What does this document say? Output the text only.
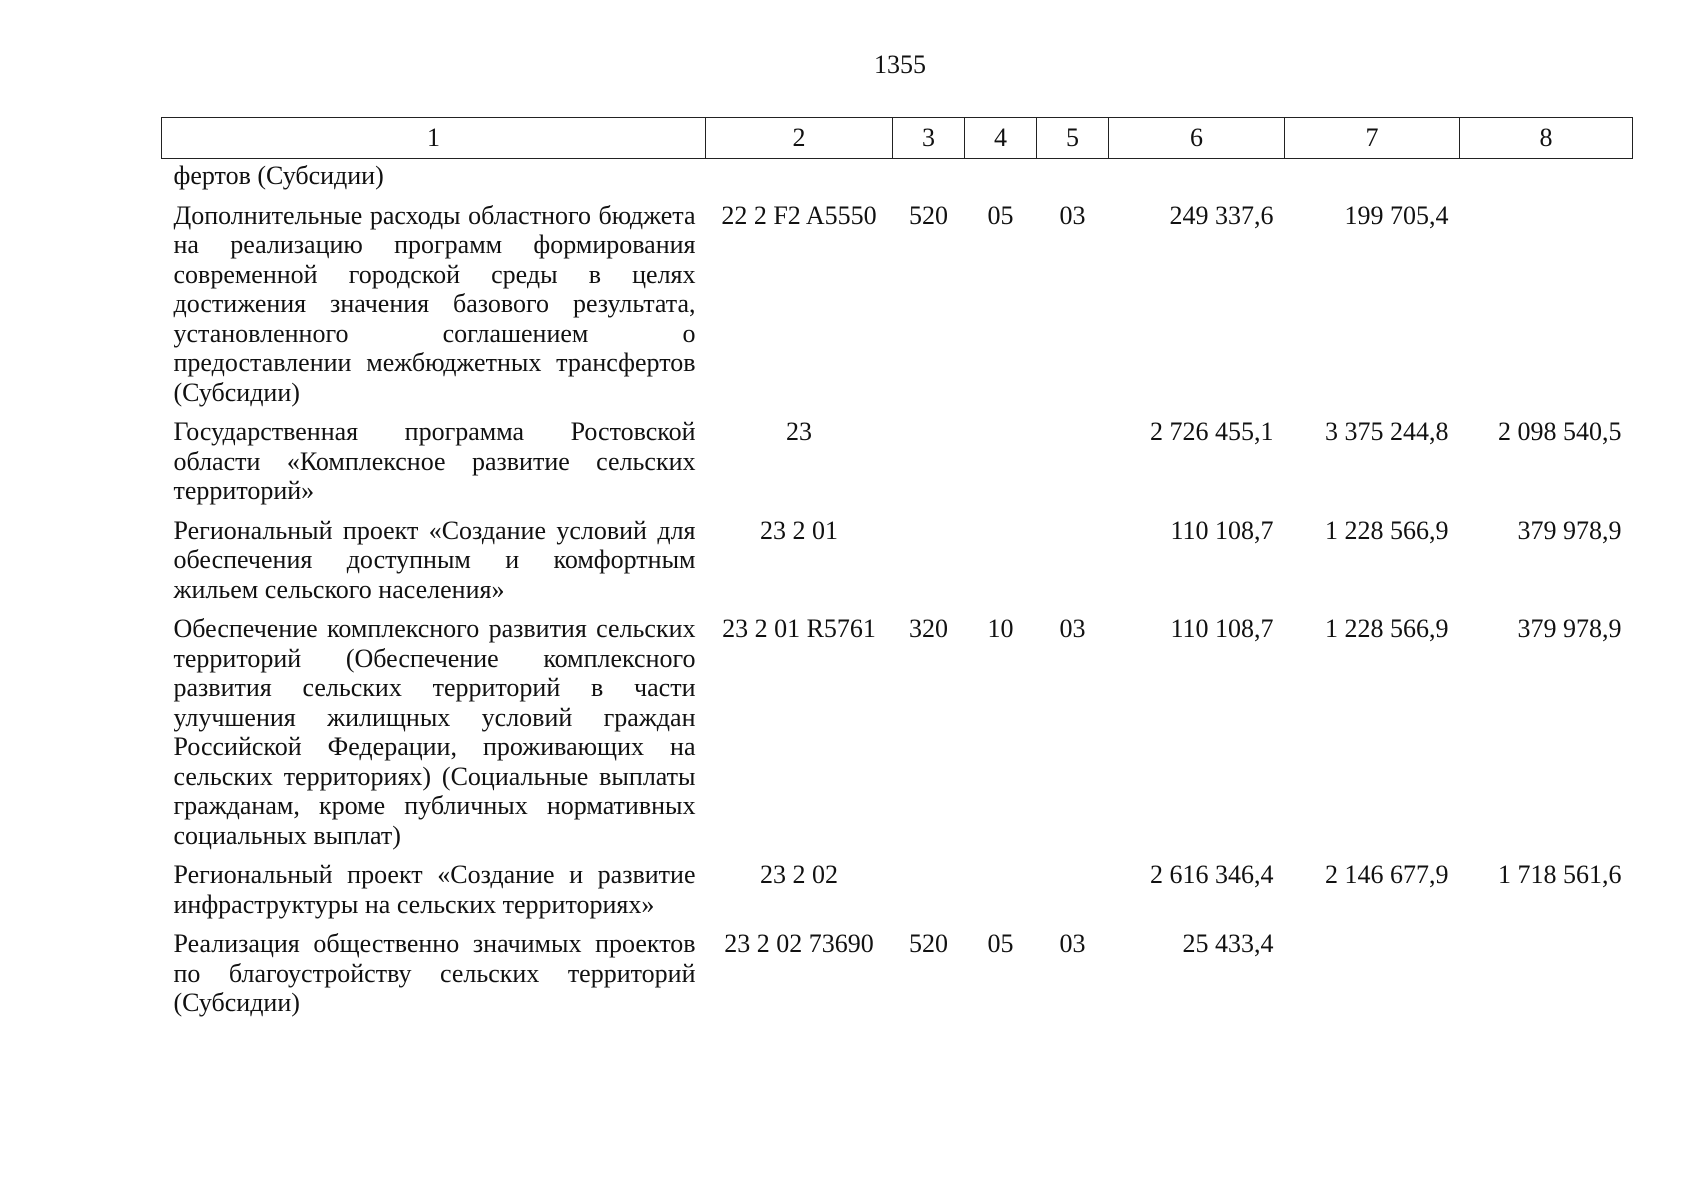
1355
1	2	3	4	5	6	7	8
фертов (Субсидии)							
Дополнительные расходы областного бюджета на реализацию программ формирования современной городской среды в целях достижения значения базового результата, установленного соглашением о предоставлении межбюджетных трансфертов (Субсидии)	22 2 F2 A5550	520	05	03	249 337,6	199 705,4	
Государственная программа Ростовской области «Комплексное развитие сельских территорий»	23				2 726 455,1	3 375 244,8	2 098 540,5
Региональный проект «Создание условий для обеспечения доступным и комфортным жильем сельского населения»	23 2 01				110 108,7	1 228 566,9	379 978,9
Обеспечение комплексного развития сельских территорий (Обеспечение комплексного развития сельских территорий в части улучшения жилищных условий граждан Российской Федерации, проживающих на сельских территориях) (Социальные выплаты гражданам, кроме публичных нормативных социальных выплат)	23 2 01 R5761	320	10	03	110 108,7	1 228 566,9	379 978,9
Региональный проект «Создание и развитие инфраструктуры на сельских территориях»	23 2 02				2 616 346,4	2 146 677,9	1 718 561,6
Реализация общественно значимых проектов по благоустройству сельских территорий (Субсидии)	23 2 02 73690	520	05	03	25 433,4		
